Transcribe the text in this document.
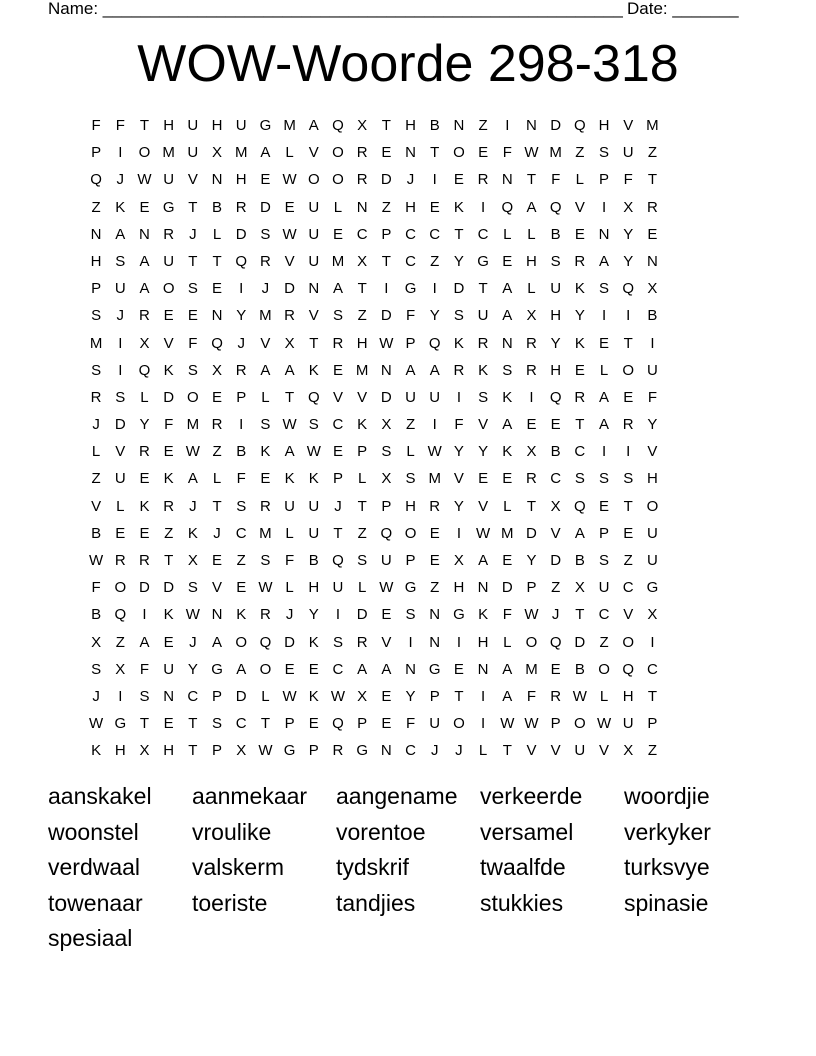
Name: _______________________________________________________ Date: _______
WOW-Woorde 298-318
F	F	T H U H U G M A Q X T H B N Z	I	N D Q H V M
P	I	O M U X M A	L	V O R E N T O E F W M Z S U Z
Q J W U V N H E W O O R D	J	I	E R N T	F	L	P F	T
Z K E G T B R D E U L N Z H E K	I	Q A Q V	I	X R
N A N R	J	L D S W U E C P C C T C L	L	B E N Y E
H S A U T	T Q R V U M X T C Z Y G E H S R A Y N
P U A O S E	I	J	D N A T	I	G	I	D T A	L U K S Q X
S	J	R E E N Y M R V S Z D F Y S U A X H Y	I	I	B
M	I	X V F Q J	V X T R H W P Q K R N R Y K E T	I
S	I	Q K S X R A A K E M N A A R K S R H E	L O U
R S	L D O E P	L	T Q V V D U U	I	S K	I	Q R A E F
J	D Y F M R	I	S W S C K X Z	I	F V A E E T A R Y
L	V R E W Z B K A W E P S	L W Y Y K X B C	I	I	V
Z U E K A	L	F E K K P	L	X S M V E E R C S S S H
V	L	K R	J	T S R U U	J	T P H R Y V	L	T X Q E T O
B E E Z K	J	C M L U T	Z Q O E	I	W M D V A P E U
W R R T X E Z S F B Q S U P E X A E Y D B S Z U
F O D D S V E W L H U L W G Z H N D P Z X U C G
B Q	I	K W N K R	J	Y	I	D E S N G K F W J	T C V X
X Z A E	J	A O Q D K S R V	I	N	I	H L O Q D Z O	I
S X F U Y G A O E E C A A N G E N A M E B O Q C
J	I	S N C P D L W K W X E Y P T	I	A F R W L H T
W G T E T S C T P E Q P E F U O	I	W W P O W U P
K H X H T P X W G P R G N C	J	J	L	T V V U V X Z
aanskakel	aanmekaar	aangename verkeerde	woordjie
woonstel	vroulike	vorentoe	versamel	verkyker
verdwaal	valskerm	tydskrif	twaalfde	turksvye
towenaar	toeriste	tandjies	stukkies	spinasie
spesiaal
